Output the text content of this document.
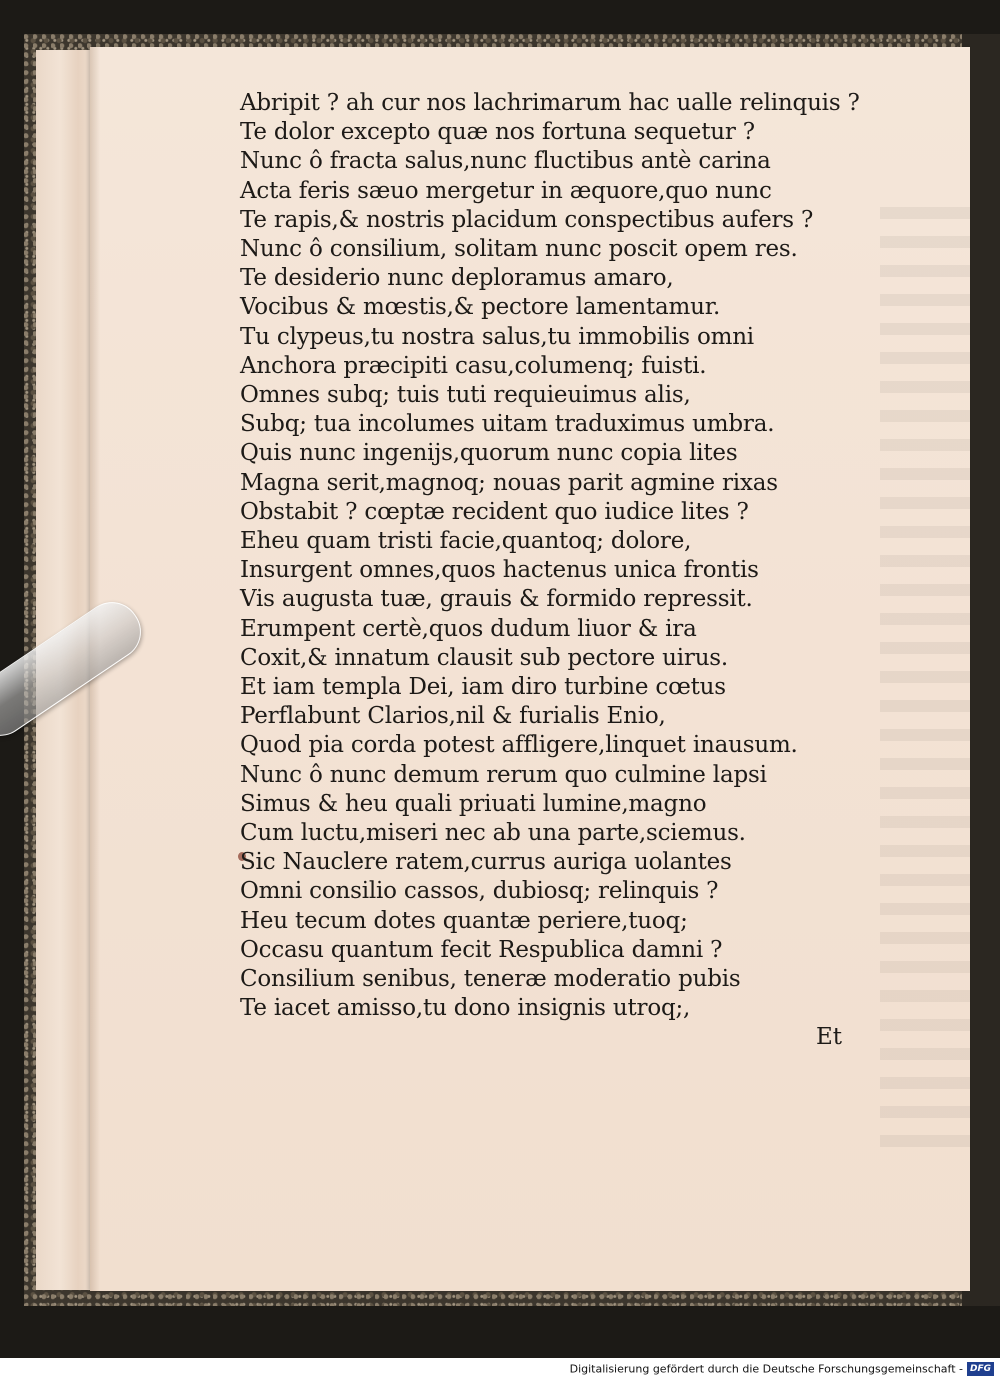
Abripit ? ah cur nos lachrimarum hac ualle relinquis ?
Te dolor excepto quæ nos fortuna sequetur ?
Nunc ô fracta salus,nunc fluctibus antè carina
Acta feris sæuo mergetur in æquore,quo nunc
Te rapis,& nostris placidum conspectibus aufers ?
Nunc ô consilium, solitam nunc poscit opem res.
Te desiderio nunc deploramus amaro,
Vocibus & mœstis,& pectore lamentamur.
Tu clypeus,tu nostra salus,tu immobilis omni
Anchora præcipiti casu,columenq; fuisti.
Omnes subq; tuis tuti requieuimus alis,
Subq; tua incolumes uitam traduximus umbra.
Quis nunc ingenijs,quorum nunc copia lites
Magna serit,magnoq; nouas parit agmine rixas
Obstabit ? cœptæ recident quo iudice lites ?
Eheu quam tristi facie,quantoq; dolore,
Insurgent omnes,quos hactenus unica frontis
Vis augusta tuæ, grauis & formido repressit.
Erumpent certè,quos dudum liuor & ira
Coxit,& innatum clausit sub pectore uirus.
Et iam templa Dei, iam diro turbine cœtus
Perflabunt Clarios,nil & furialis Enio,
Quod pia corda potest affligere,linquet inausum.
Nunc ô nunc demum rerum quo culmine lapsi
Simus & heu quali priuati lumine,magno
Cum luctu,miseri nec ab una parte,sciemus.
Sic Nauclere ratem,currus auriga uolantes
Omni consilio cassos, dubiosq; relinquis ?
Heu tecum dotes quantæ periere,tuoq;
Occasu quantum fecit Respublica damni ?
Consilium senibus, teneræ moderatio pubis
Te iacet amisso,tu dono insignis utroq;,
Et
Digitalisierung gefördert durch die Deutsche Forschungsgemeinschaft - DFG
